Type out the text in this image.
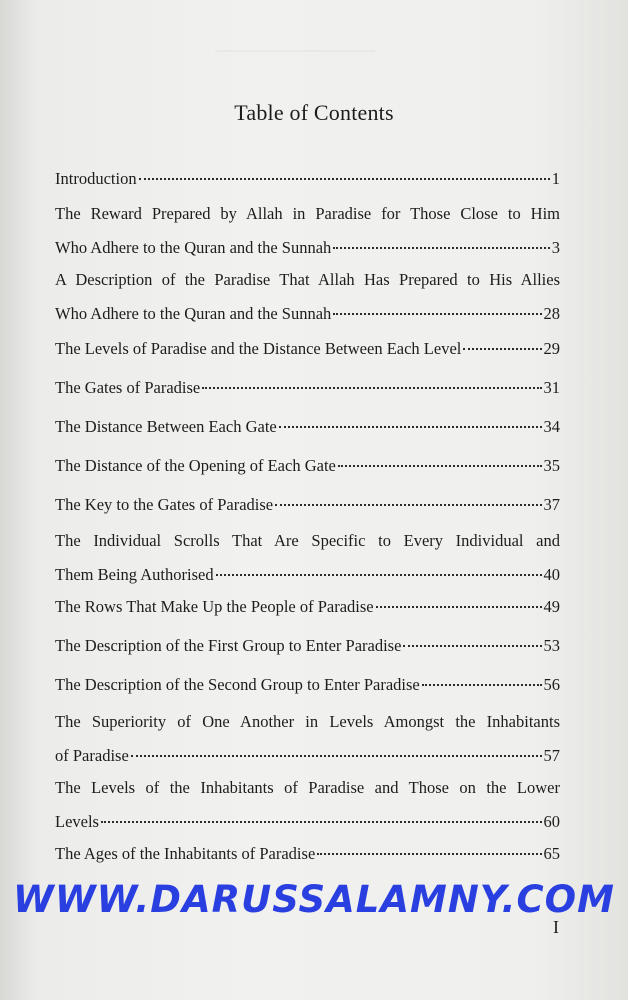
Table of Contents
Introduction	1
The Reward Prepared by Allah in Paradise for Those Close to Him
Who Adhere to the Quran and the Sunnah	3
A Description of the Paradise That Allah Has Prepared to His Allies
Who Adhere to the Quran and the Sunnah	28
The Levels of Paradise and the Distance Between Each Level	29
The Gates of Paradise	31
The Distance Between Each Gate	34
The Distance of the Opening of Each Gate	35
The Key to the Gates of Paradise	37
The Individual Scrolls That Are Specific to Every Individual and
Them Being Authorised	40
The Rows That Make Up the People of Paradise	49
The Description of the First Group to Enter Paradise	53
The Description of the Second Group to Enter Paradise	56
The Superiority of One Another in Levels Amongst the Inhabitants
of Paradise	57
The Levels of the Inhabitants of Paradise and Those on the Lower
Levels	60
The Ages of the Inhabitants of Paradise	65
WWW.DARUSSALAMNY.COM
I
